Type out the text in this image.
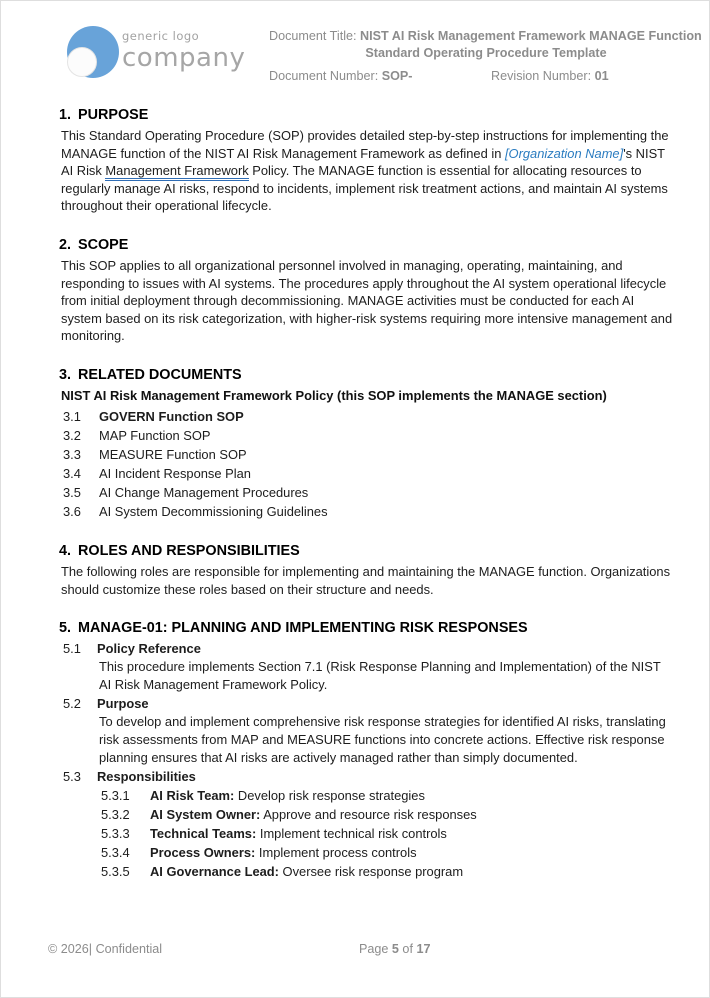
generic logo
company
Document Title: NIST AI Risk Management Framework MANAGE Function
Standard Operating Procedure Template
Document Number: SOP-	Revision Number: 01
1. PURPOSE

This Standard Operating Procedure (SOP) provides detailed step-by-step instructions for implementing the MANAGE function of the NIST AI Risk Management Framework as defined in [Organization Name]'s NIST AI Risk Management Framework Policy. The MANAGE function is essential for allocating resources to regularly manage AI risks, respond to incidents, implement risk treatment actions, and maintain AI systems throughout their operational lifecycle.

2. SCOPE

This SOP applies to all organizational personnel involved in managing, operating, maintaining, and responding to issues with AI systems. The procedures apply throughout the AI system operational lifecycle from initial deployment through decommissioning. MANAGE activities must be conducted for each AI system based on its risk categorization, with higher-risk systems requiring more intensive management and monitoring.

3. RELATED DOCUMENTS
NIST AI Risk Management Framework Policy (this SOP implements the MANAGE section)
3.1	GOVERN Function SOP
3.2	MAP Function SOP
3.3	MEASURE Function SOP
3.4	AI Incident Response Plan
3.5	AI Change Management Procedures
3.6	AI System Decommissioning Guidelines
4. ROLES AND RESPONSIBILITIES

The following roles are responsible for implementing and maintaining the MANAGE function. Organizations should customize these roles based on their structure and needs.

5. MANAGE-01: PLANNING AND IMPLEMENTING RISK RESPONSES
5.1	Policy Reference

This procedure implements Section 7.1 (Risk Response Planning and Implementation) of the NIST AI Risk Management Framework Policy.

5.2	Purpose

To develop and implement comprehensive risk response strategies for identified AI risks, translating risk assessments from MAP and MEASURE functions into concrete actions. Effective risk response planning ensures that AI risks are actively managed rather than simply documented.

5.3	Responsibilities
5.3.1	AI Risk Team: Develop risk response strategies
5.3.2	AI System Owner: Approve and resource risk responses
5.3.3	Technical Teams: Implement technical risk controls
5.3.4	Process Owners: Implement process controls
5.3.5	AI Governance Lead: Oversee risk response program
© 2026| Confidential	Page 5 of 17
